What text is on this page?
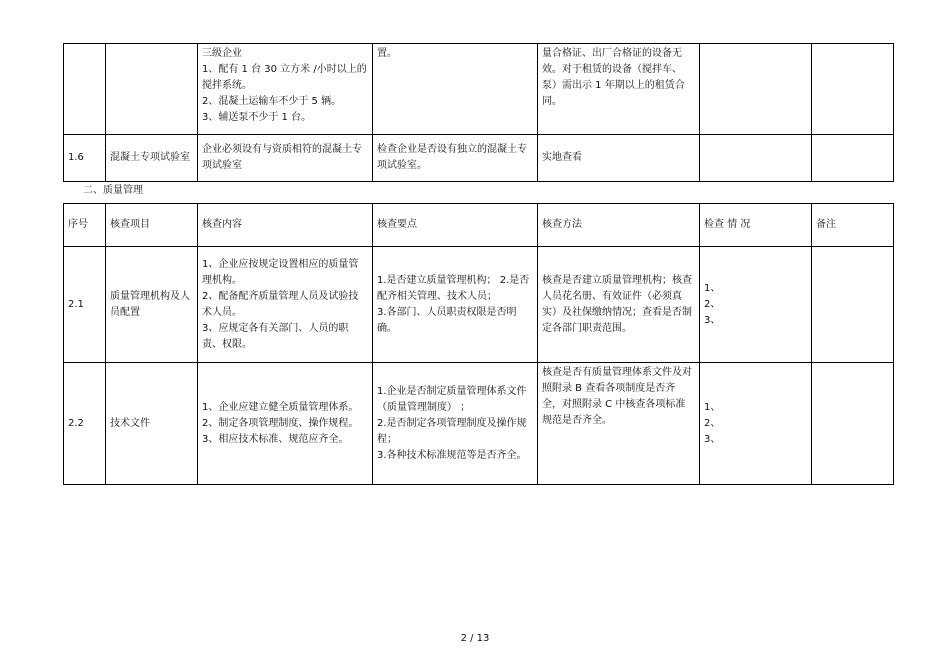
		三级企业
1、配有 1 台 30 立方米 /小时以上的搅拌系统。
2、混凝土运输车不少于 5 辆。
3、辅送泵不少于 1 台。	置。	量合格证、出厂合格证的设备无效。对于租赁的设备（搅拌车、泵）需出示 1 年期以上的租赁合同。		
1.6	混凝土专项试验室	企业必须设有与资质相符的混凝土专项试验室	检查企业是否设有独立的混凝土专项试验室。	实地查看		
二、质量管理
序号	核查项目	核查内容	核查要点	核查方法	检查 情 况	备注
2.1	质量管理机构及人员配置	1、企业应按规定设置相应的质量管理机构。
2、配备配齐质量管理人员及试验技术人员。
3、应规定各有关部门、人员的职责、权限。	1.是否建立质量管理机构； 2.是否配齐相关管理、技术人员；
3.各部门、人员职责权限是否明确。	核查是否建立质量管理机构；核查人员花名册、有效证件（必须真实）及社保缴纳情况；查看是否制定各部门职责范围。	1、
2、
3、	

2.2	技术文件	1、企业应建立健全质量管理体系。
2、制定各项管理制度、操作规程。
3、相应技术标准、规范应齐全。	1.企业是否制定质量管理体系文件（质量管理制度） ；
2.是否制定各项管理制度及操作规程；
3.各种技术标准规范等是否齐全。	核查是否有质量管理体系文件及对照附录 B 查看各项制度是否齐全，对照附录 C 中核查各项标准规范是否齐全。	1、
2、
3、	

2 / 13
